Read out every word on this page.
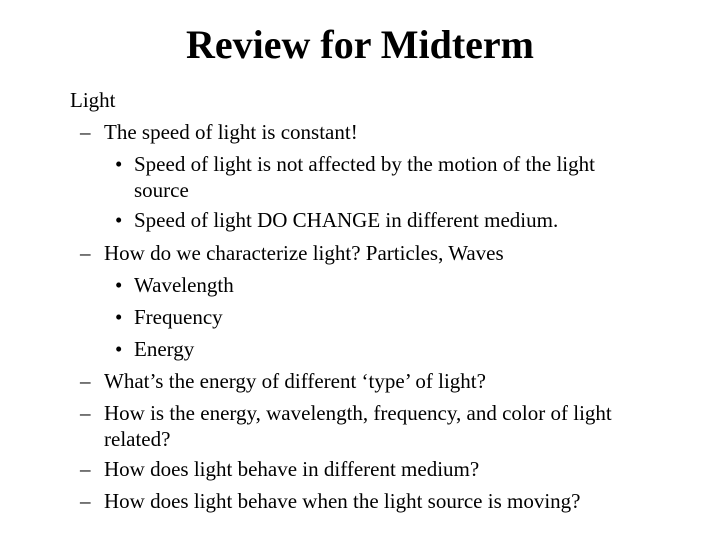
Review for Midterm
Light
– The speed of light is constant!
• Speed of light is not affected by the motion of the light
source
• Speed of light DO CHANGE in different medium.
– How do we characterize light? Particles, Waves
• Wavelength
• Frequency
• Energy
– What’s the energy of different ‘type’ of light?
– How is the energy, wavelength, frequency, and color of light
related?
– How does light behave in different medium?
– How does light behave when the light source is moving?
